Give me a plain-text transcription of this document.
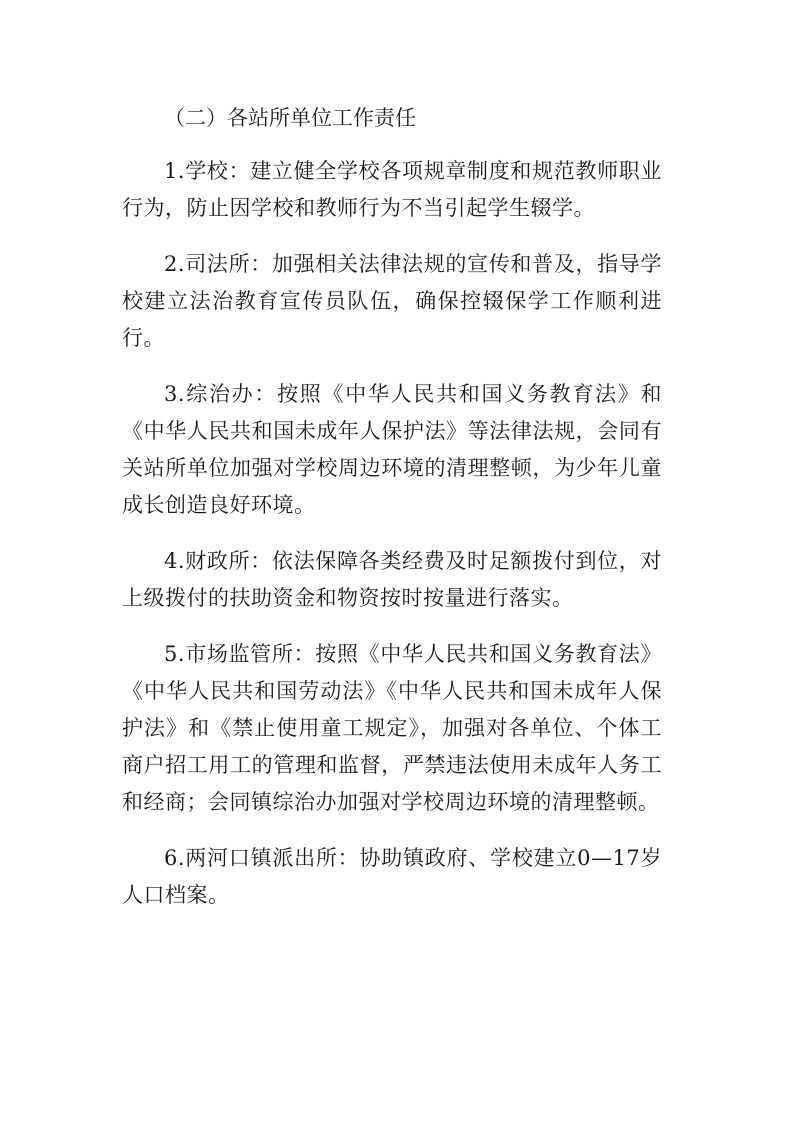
（二）各站所单位工作责任

1.学校：建立健全学校各项规章制度和规范教师职业行为，防止因学校和教师行为不当引起学生辍学。

2.司法所：加强相关法律法规的宣传和普及，指导学校建立法治教育宣传员队伍，确保控辍保学工作顺利进行。

3.综治办：按照《中华人民共和国义务教育法》和《中华人民共和国未成年人保护法》等法律法规，会同有关站所单位加强对学校周边环境的清理整顿，为少年儿童成长创造良好环境。

4.财政所：依法保障各类经费及时足额拨付到位，对上级拨付的扶助资金和物资按时按量进行落实。

5.市场监管所：按照《中华人民共和国义务教育法》《中华人民共和国劳动法》《中华人民共和国未成年人保护法》和《禁止使用童工规定》，加强对各单位、个体工商户招工用工的管理和监督，严禁违法使用未成年人务工和经商；会同镇综治办加强对学校周边环境的清理整顿。

6.两河口镇派出所：协助镇政府、学校建立0—17岁人口档案。
